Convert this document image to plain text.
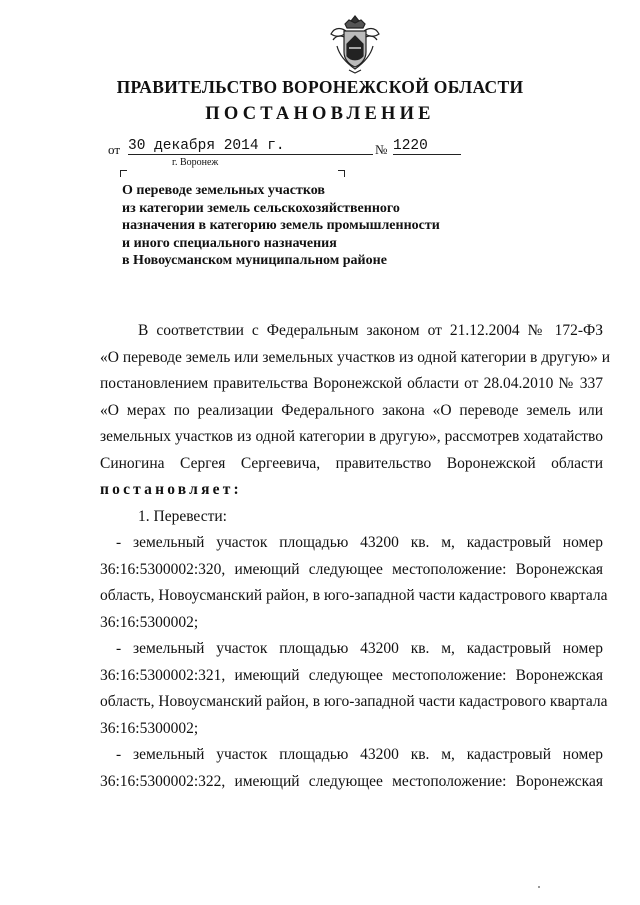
ПРАВИТЕЛЬСТВО ВОРОНЕЖСКОЙ ОБЛАСТИ
ПОСТАНОВЛЕНИЕ
от 30 декабря 2014 г.	№ 1220
г. Воронеж
О переводе земельных участков
из категории земель сельскохозяйственного
назначения в категорию земель промышленности
и иного специального назначения
в Новоусманском муниципальном районе
В соответствии с Федеральным законом от 21.12.2004 № 172-ФЗ
«О переводе земель или земельных участков из одной категории в другую» и
постановлением правительства Воронежской области от 28.04.2010 № 337
«О мерах по реализации Федерального закона «О переводе земель или
земельных участков из одной категории в другую», рассмотрев ходатайство
Синогина Сергея Сергеевича, правительство Воронежской области
постановляет:
1. Перевести:
- земельный участок площадью 43200 кв. м, кадастровый номер
36:16:5300002:320, имеющий следующее местоположение: Воронежская
область, Новоусманский район, в юго-западной части кадастрового квартала
36:16:5300002;
- земельный участок площадью 43200 кв. м, кадастровый номер
36:16:5300002:321, имеющий следующее местоположение: Воронежская
область, Новоусманский район, в юго-западной части кадастрового квартала
36:16:5300002;
- земельный участок площадью 43200 кв. м, кадастровый номер
36:16:5300002:322, имеющий следующее местоположение: Воронежская
